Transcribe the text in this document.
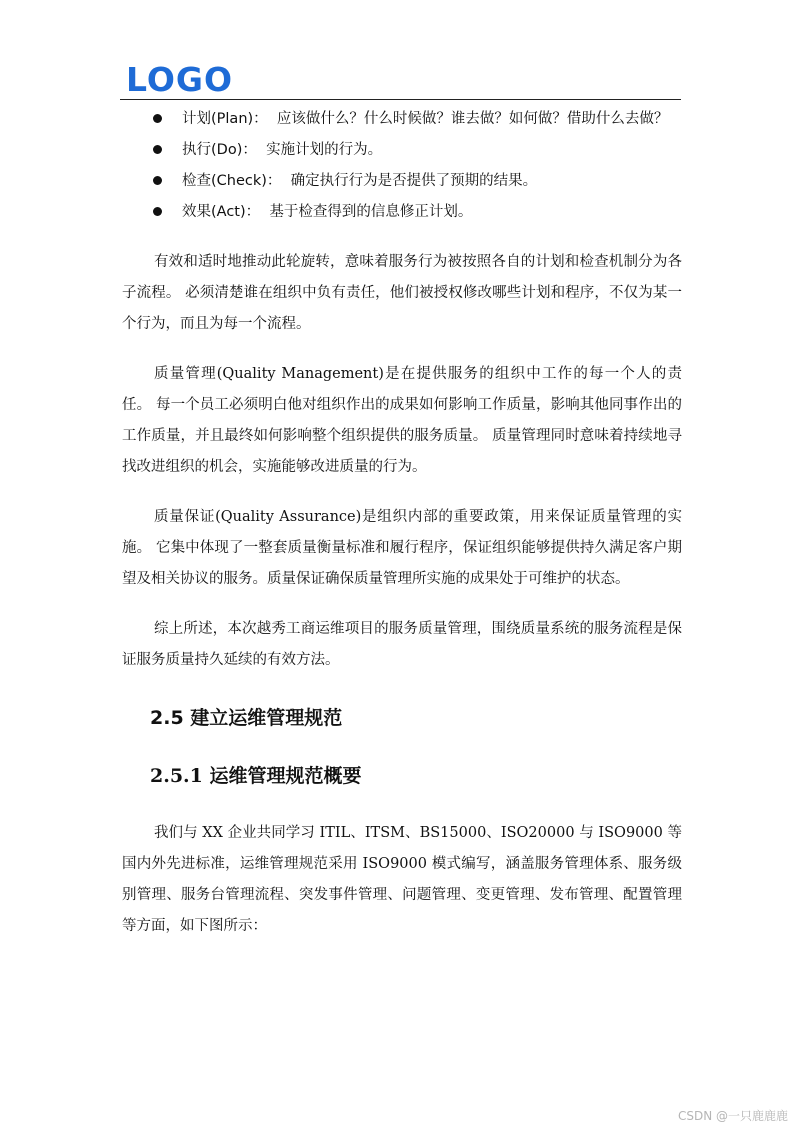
LOGO
计划(Plan)： 应该做什么？什么时候做？谁去做？如何做？借助什么去做？
执行(Do)： 实施计划的行为。
检查(Check)： 确定执行行为是否提供了预期的结果。
效果(Act)： 基于检查得到的信息修正计划。

有效和适时地推动此轮旋转，意味着服务行为被按照各自的计划和检查机制分为各子流程。 必须清楚谁在组织中负有责任，他们被授权修改哪些计划和程序，不仅为某一个行为，而且为每一个流程。

质量管理(Quality Management)是在提供服务的组织中工作的每一个人的责任。 每一个员工必须明白他对组织作出的成果如何影响工作质量，影响其他同事作出的工作质量，并且最终如何影响整个组织提供的服务质量。 质量管理同时意味着持续地寻找改进组织的机会，实施能够改进质量的行为。

质量保证(Quality Assurance)是组织内部的重要政策，用来保证质量管理的实施。 它集中体现了一整套质量衡量标准和履行程序，保证组织能够提供持久满足客户期望及相关协议的服务。质量保证确保质量管理所实施的成果处于可维护的状态。

综上所述，本次越秀工商运维项目的服务质量管理，围绕质量系统的服务流程是保证服务质量持久延续的有效方法。

2.5 建立运维管理规范
2.5.1 运维管理规范概要

我们与 XX 企业共同学习 ITIL、ITSM、BS15000、ISO20000 与 ISO9000 等国内外先进标准，运维管理规范采用 ISO9000 模式编写，涵盖服务管理体系、服务级别管理、服务台管理流程、突发事件管理、问题管理、变更管理、发布管理、配置管理等方面，如下图所示：

CSDN @一只鹿鹿鹿
